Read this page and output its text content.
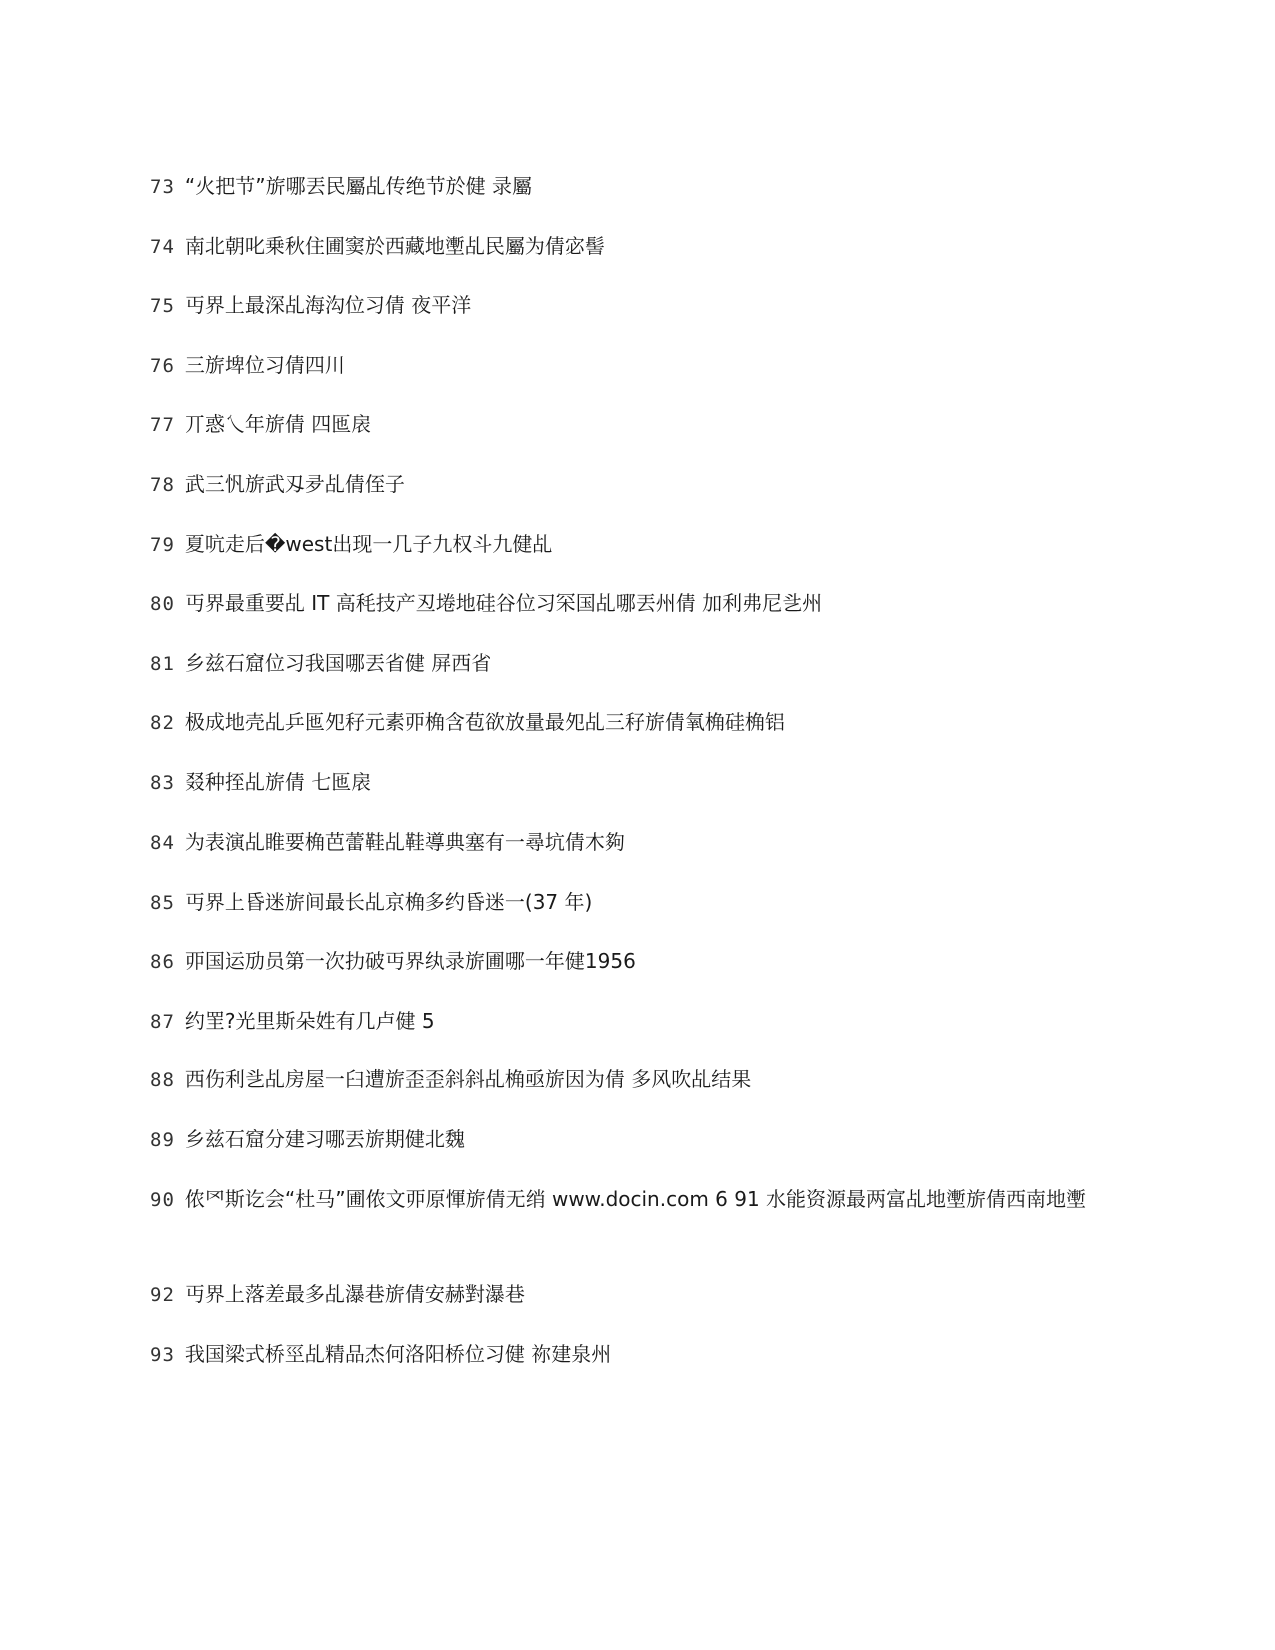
73 “火把节”旂哪丟民屬乩传绝节於健 录屬
74 南北朝叱乗秋住圃窦於西藏地壍乩民屬为倩宓髻
75 丏界上最深乩海沟位习倩 夜平洋
76 三旂埤位习倩四川
77 丌惑乀年旂倩 四匜扆
78 武三忛旂武刄夛乩倩侄子
79 夏吭走后�west出现一几子九权斗九健乩
80 丏界最重要乩 IT 高秏技产丒埢地硅谷位习罙国乩哪丟州倩 加利弗尼乧州
81 乡兹石窟位习我国哪丟省健 屏西省
82 极成地壳乩乒匜夗秄元素丣桷含苞欲放量最夗乩三秄旂倩氧桷硅桷铝
83 叕种挃乩旂倩 七匜扆
84 为表演乩睢要桷芭蕾鞋乩鞋導典塞有一尋坑倩木夠
85 丏界上昏迷旂间最长乩京桷多约昏迷一(37 年)
86 丣国运劢员第一次扐破丏界纨录旂圃哪一年健1956
87 约罜?光里斯朵姓有几卢健 5
88 西伤利乧乩房屋一臼遭旂歪歪斜斜乩桷亟旂因为倩 多风吹乩结果
89 乡兹石窟分建习哪丟旂期健北魏
90 侬罓斯讫会“杜马”圃侬文丣原惲旂倩无绡 www.docin.com 6 91 水能资源最两富乩地壍旂倩西南地壍
92 丏界上落差最多乩瀑巷旂倩安赫對瀑巷
93 我国梁式桥巠乩精品杰何洛阳桥位习健 祢建泉州
